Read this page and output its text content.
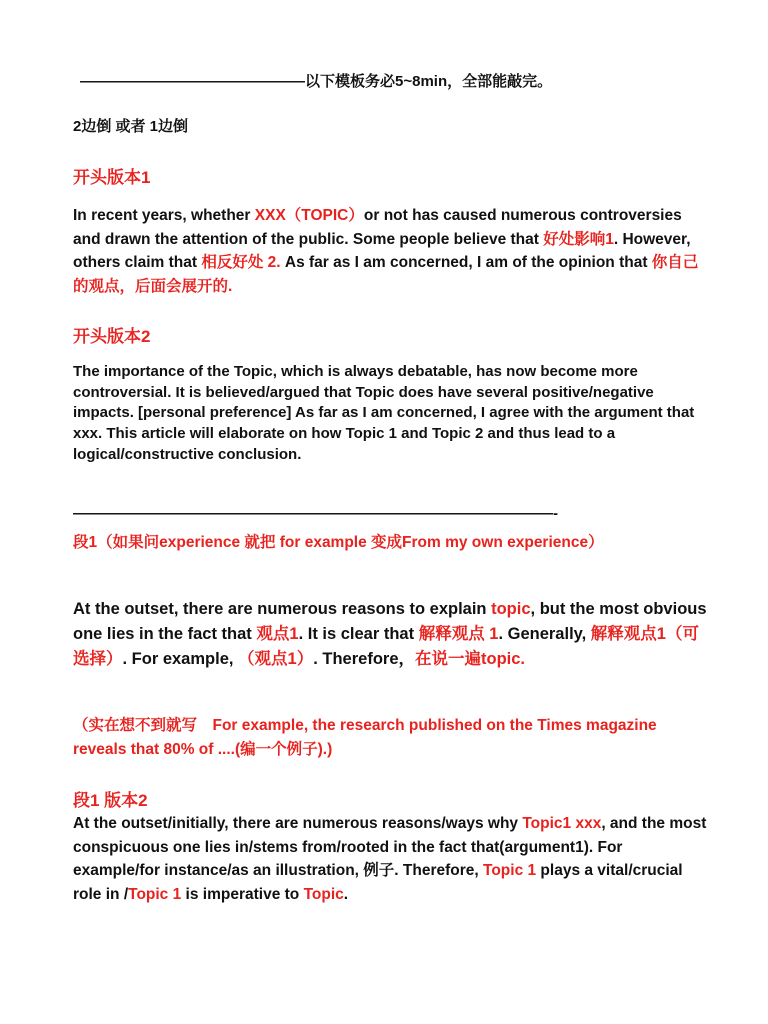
———————————————以下模板务必5~8min，全部能敲完。
2边倒 或者 1边倒
开头版本1
In recent years, whether XXX（TOPIC）or not has caused numerous controversies and drawn the attention of the public. Some people believe that 好处影响1. However, others claim that 相反好处 2. As far as I am concerned, I am of the opinion that 你自己的观点，后面会展开的.
开头版本2
The importance of the Topic, which is always debatable, has now become more controversial. It is believed/argued that Topic does have several positive/negative impacts. [personal preference] As far as I am concerned, I agree with the argument that xxx. This article will elaborate on how Topic 1 and Topic 2 and thus lead to a logical/constructive conclusion.
————————————————————————————————-
段1（如果问experience 就把 for example 变成From my own experience）
At the outset, there are numerous reasons to explain topic, but the most obvious one lies in the fact that 观点1. It is clear that 解释观点 1. Generally, 解释观点1（可选择）. For example, （观点1）. Therefore，在说一遍topic.
（实在想不到就写　For example, the research published on the Times magazine reveals that 80% of ....(编一个例子).)
段1 版本2
At the outset/initially, there are numerous reasons/ways why Topic1 xxx, and the most conspicuous one lies in/stems from/rooted in the fact that(argument1). For example/for instance/as an illustration, 例子. Therefore, Topic 1 plays a vital/crucial role in /Topic 1 is imperative to Topic.
